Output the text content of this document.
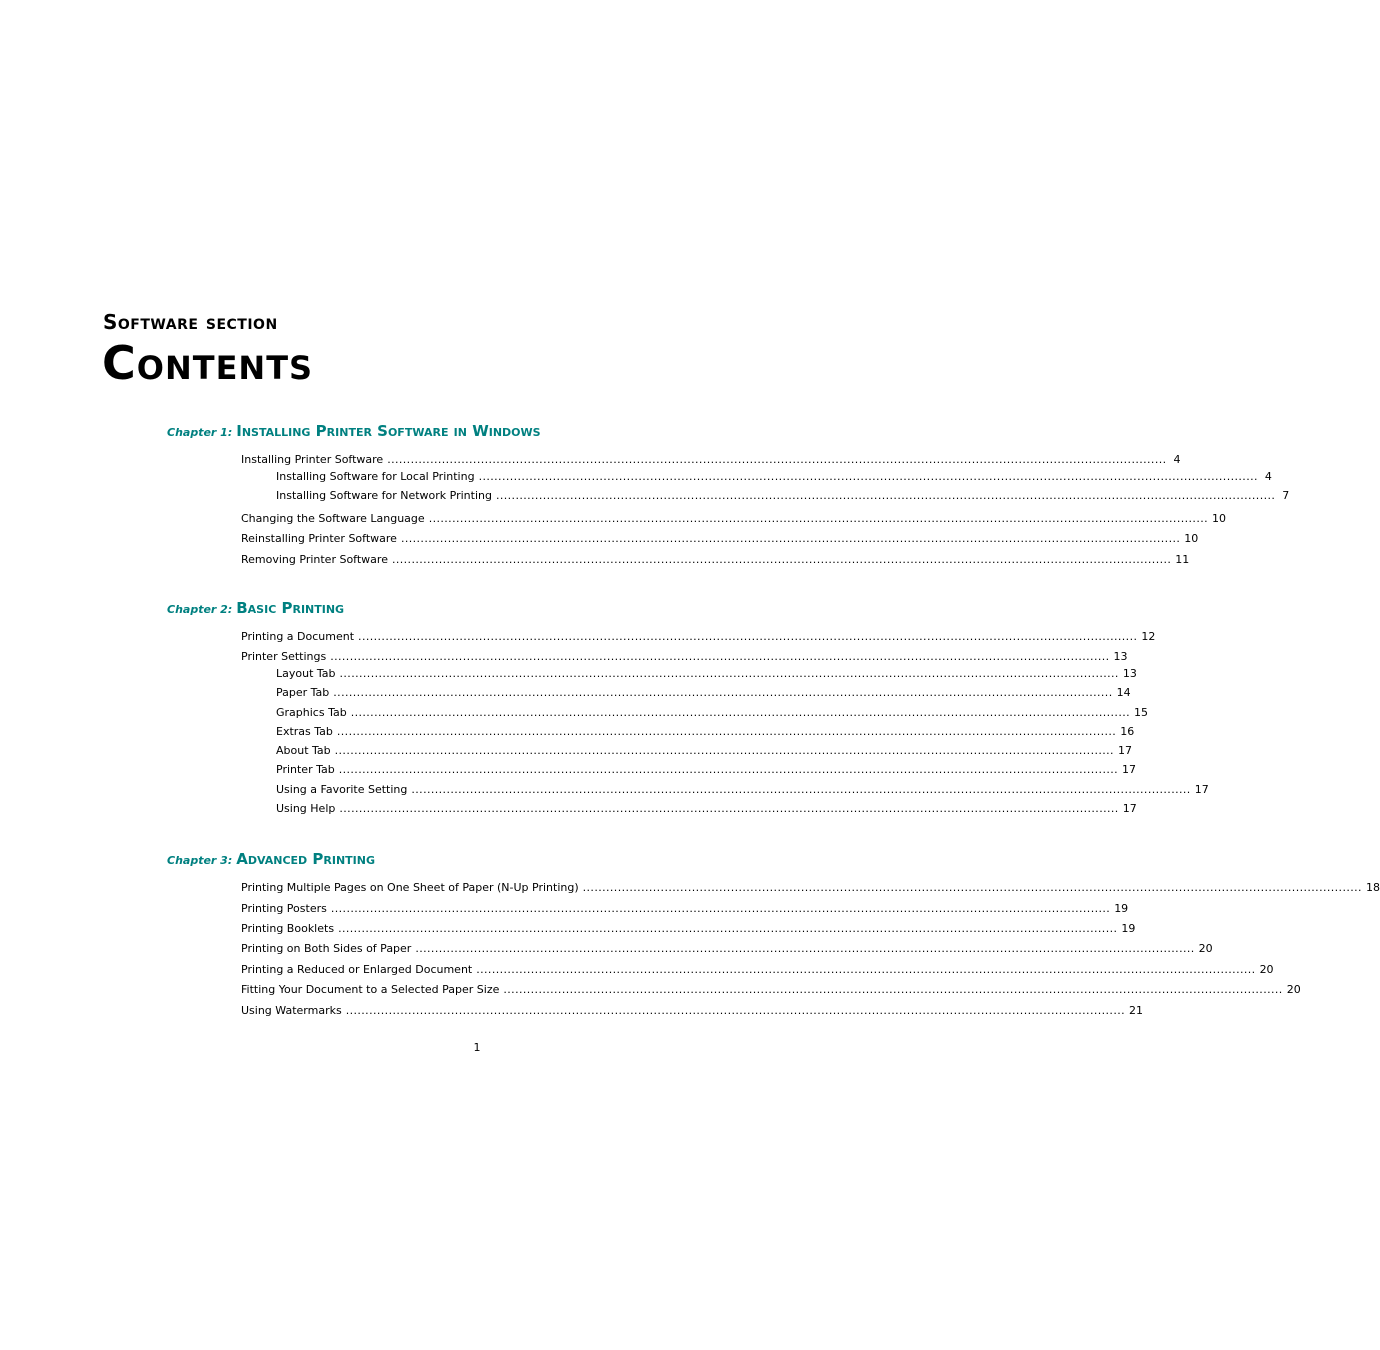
Software section
Contents
Chapter 1: Installing Printer Software in Windows
Installing Printer Software ........................................................................................................................................................................................................ 4
Installing Software for Local Printing ........................................................................................................................................................................................................ 4
Installing Software for Network Printing ........................................................................................................................................................................................................ 7
Changing the Software Language ........................................................................................................................................................................................................ 10
Reinstalling Printer Software ........................................................................................................................................................................................................ 10
Removing Printer Software ........................................................................................................................................................................................................ 11
Chapter 2: Basic Printing
Printing a Document ........................................................................................................................................................................................................ 12
Printer Settings ........................................................................................................................................................................................................ 13
Layout Tab ........................................................................................................................................................................................................ 13
Paper Tab ........................................................................................................................................................................................................ 14
Graphics Tab ........................................................................................................................................................................................................ 15
Extras Tab ........................................................................................................................................................................................................ 16
About Tab ........................................................................................................................................................................................................ 17
Printer Tab ........................................................................................................................................................................................................ 17
Using a Favorite Setting ........................................................................................................................................................................................................ 17
Using Help ........................................................................................................................................................................................................ 17
Chapter 3: Advanced Printing
Printing Multiple Pages on One Sheet of Paper (N-Up Printing) ........................................................................................................................................................................................................ 18
Printing Posters ........................................................................................................................................................................................................ 19
Printing Booklets ........................................................................................................................................................................................................ 19
Printing on Both Sides of Paper ........................................................................................................................................................................................................ 20
Printing a Reduced or Enlarged Document ........................................................................................................................................................................................................ 20
Fitting Your Document to a Selected Paper Size ........................................................................................................................................................................................................ 20
Using Watermarks ........................................................................................................................................................................................................ 21
1
